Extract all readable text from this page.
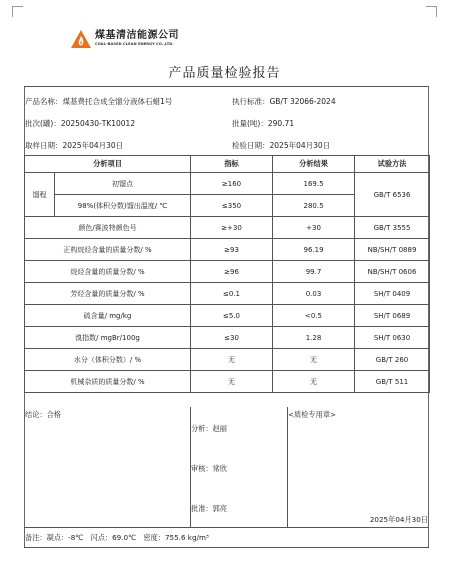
煤基清洁能源公司
COAL-BASED CLEAN ENERGY CO.,LTD.
产品质量检验报告
产品名称：煤基费托合成全馏分液体石蜡1号	执行标准：GB/T 32066-2024
批次(罐)：20250430-TK10012	批量(吨)：290.71
取样日期：2025年04月30日	检验日期：2025年04月30日
分析项目		指标	分析结果	试验方法
馏程	初馏点	≥160	169.5	GB/T 6536
	98%(体积分数)馏出温度/ ℃	≤350	280.5	
颜色/赛波特颜色号		≥+30	+30	GB/T 3555
正构烷烃含量的质量分数/ %		≥93	96.19	NB/SH/T 0889
烷烃含量的质量分数/ %		≥96	99.7	NB/SH/T 0606
芳烃含量的质量分数/ %		≤0.1	0.03	SH/T 0409
硫含量/ mg/kg		≤5.0	<0.5	SH/T 0689
溴指数/ mgBr/100g		≤30	1.28	SH/T 0630
水分（体积分数）/ %		无	无	GB/T 260
机械杂质的质量分数/ %		无	无	GB/T 511
结论：合格
分析：赵丽
审核：常欣
批准：郭亮
<质检专用章>
2025年04月30日
备注：凝点：-8℃　闪点：69.0℃　密度：755.6 kg/m³
